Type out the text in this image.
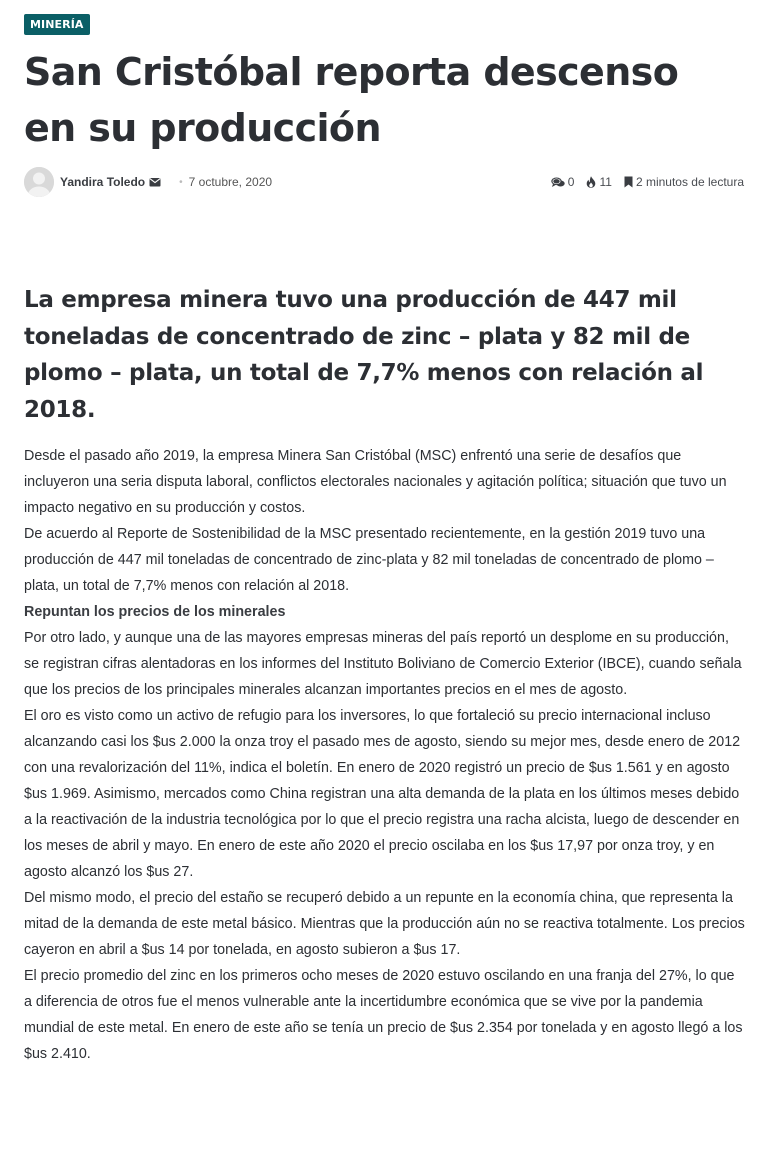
MINERÍA
San Cristóbal reporta descenso en su producción
Yandira Toledo	• 7 octubre, 2020	0 11 2 minutos de lectura
La empresa minera tuvo una producción de 447 mil toneladas de concentrado de zinc – plata y 82 mil de plomo – plata, un total de 7,7% menos con relación al 2018.

Desde el pasado año 2019, la empresa Minera San Cristóbal (MSC) enfrentó una serie de desafíos que incluyeron una seria disputa laboral, conflictos electorales nacionales y agitación política; situación que tuvo un impacto negativo en su producción y costos.

De acuerdo al Reporte de Sostenibilidad de la MSC presentado recientemente, en la gestión 2019 tuvo una producción de 447 mil toneladas de concentrado de zinc-plata y 82 mil toneladas de concentrado de plomo – plata, un total de 7,7% menos con relación al 2018.

Repuntan los precios de los minerales

Por otro lado, y aunque una de las mayores empresas mineras del país reportó un desplome en su producción, se registran cifras alentadoras en los informes del Instituto Boliviano de Comercio Exterior (IBCE), cuando señala que los precios de los principales minerales alcanzan importantes precios en el mes de agosto.

El oro es visto como un activo de refugio para los inversores, lo que fortaleció su precio internacional incluso alcanzando casi los $us 2.000 la onza troy el pasado mes de agosto, siendo su mejor mes, desde enero de 2012 con una revalorización del 11%, indica el boletín. En enero de 2020 registró un precio de $us 1.561 y en agosto $us 1.969. Asimismo, mercados como China registran una alta demanda de la plata en los últimos meses debido a la reactivación de la industria tecnológica por lo que el precio registra una racha alcista, luego de descender en los meses de abril y mayo. En enero de este año 2020 el precio oscilaba en los $us 17,97 por onza troy, y en agosto alcanzó los $us 27.

Del mismo modo, el precio del estaño se recuperó debido a un repunte en la economía china, que representa la mitad de la demanda de este metal básico. Mientras que la producción aún no se reactiva totalmente. Los precios cayeron en abril a $us 14 por tonelada, en agosto subieron a $us 17.

El precio promedio del zinc en los primeros ocho meses de 2020 estuvo oscilando en una franja del 27%, lo que a diferencia de otros fue el menos vulnerable ante la incertidumbre económica que se vive por la pandemia mundial de este metal. En enero de este año se tenía un precio de $us 2.354 por tonelada y en agosto llegó a los $us 2.410.
